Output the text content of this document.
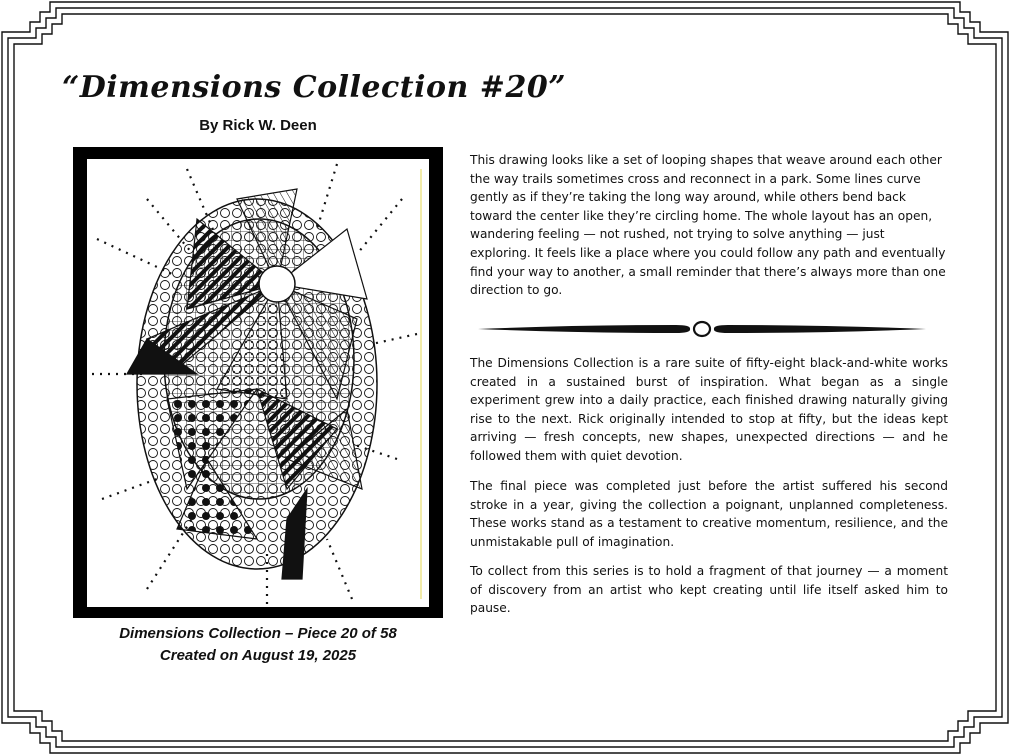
“Dimensions Collection #20”
By Rick W. Deen
Dimensions Collection – Piece 20 of 58
Created on August 19, 2025
This drawing looks like a set of looping shapes that weave around each other the way trails sometimes cross and reconnect in a park. Some lines curve gently as if they’re taking the long way around, while others bend back toward the center like they’re circling home. The whole layout has an open, wandering feeling — not rushed, not trying to solve anything — just exploring. It feels like a place where you could follow any path and eventually find your way to another, a small reminder that there’s always more than one direction to go.
The Dimensions Collection is a rare suite of fifty-eight black-and-white works created in a sustained burst of inspiration. What began as a single experiment grew into a daily practice, each finished drawing naturally giving rise to the next. Rick originally intended to stop at fifty, but the ideas kept arriving — fresh concepts, new shapes, unexpected directions — and he followed them with quiet devotion.
The final piece was completed just before the artist suffered his second stroke in a year, giving the collection a poignant, unplanned completeness. These works stand as a testament to creative momentum, resilience, and the unmistakable pull of imagination.
To collect from this series is to hold a fragment of that journey — a moment of discovery from an artist who kept creating until life itself asked him to pause.
